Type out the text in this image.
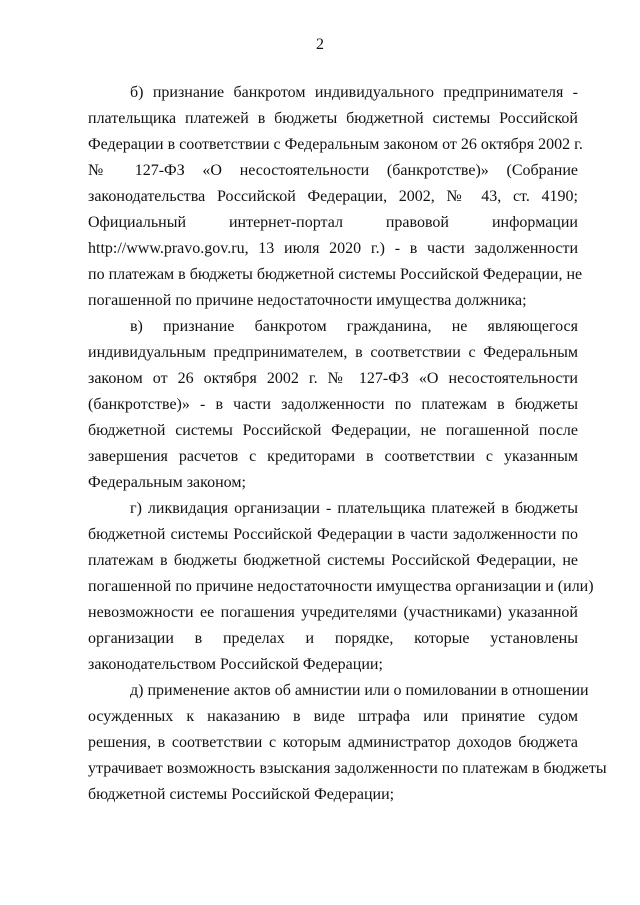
2
б) признание банкротом индивидуального предпринимателя -
плательщика платежей в бюджеты бюджетной системы Российской
Федерации в соответствии с Федеральным законом от 26 октября 2002 г.
№ 127-ФЗ «О несостоятельности (банкротстве)» (Собрание
законодательства Российской Федерации, 2002, № 43, ст. 4190;
Официальный интернет-портал правовой информации
http://www.pravo.gov.ru, 13 июля 2020 г.) - в части задолженности
по платежам в бюджеты бюджетной системы Российской Федерации, не
погашенной по причине недостаточности имущества должника;
в) признание банкротом гражданина, не являющегося
индивидуальным предпринимателем, в соответствии с Федеральным
законом от 26 октября 2002 г. № 127-ФЗ «О несостоятельности
(банкротстве)» - в части задолженности по платежам в бюджеты
бюджетной системы Российской Федерации, не погашенной после
завершения расчетов с кредиторами в соответствии с указанным
Федеральным законом;
г) ликвидация организации - плательщика платежей в бюджеты
бюджетной системы Российской Федерации в части задолженности по
платежам в бюджеты бюджетной системы Российской Федерации, не
погашенной по причине недостаточности имущества организации и (или)
невозможности ее погашения учредителями (участниками) указанной
организации в пределах и порядке, которые установлены
законодательством Российской Федерации;
д) применение актов об амнистии или о помиловании в отношении
осужденных к наказанию в виде штрафа или принятие судом
решения, в соответствии с которым администратор доходов бюджета
утрачивает возможность взыскания задолженности по платежам в бюджеты
бюджетной системы Российской Федерации;
